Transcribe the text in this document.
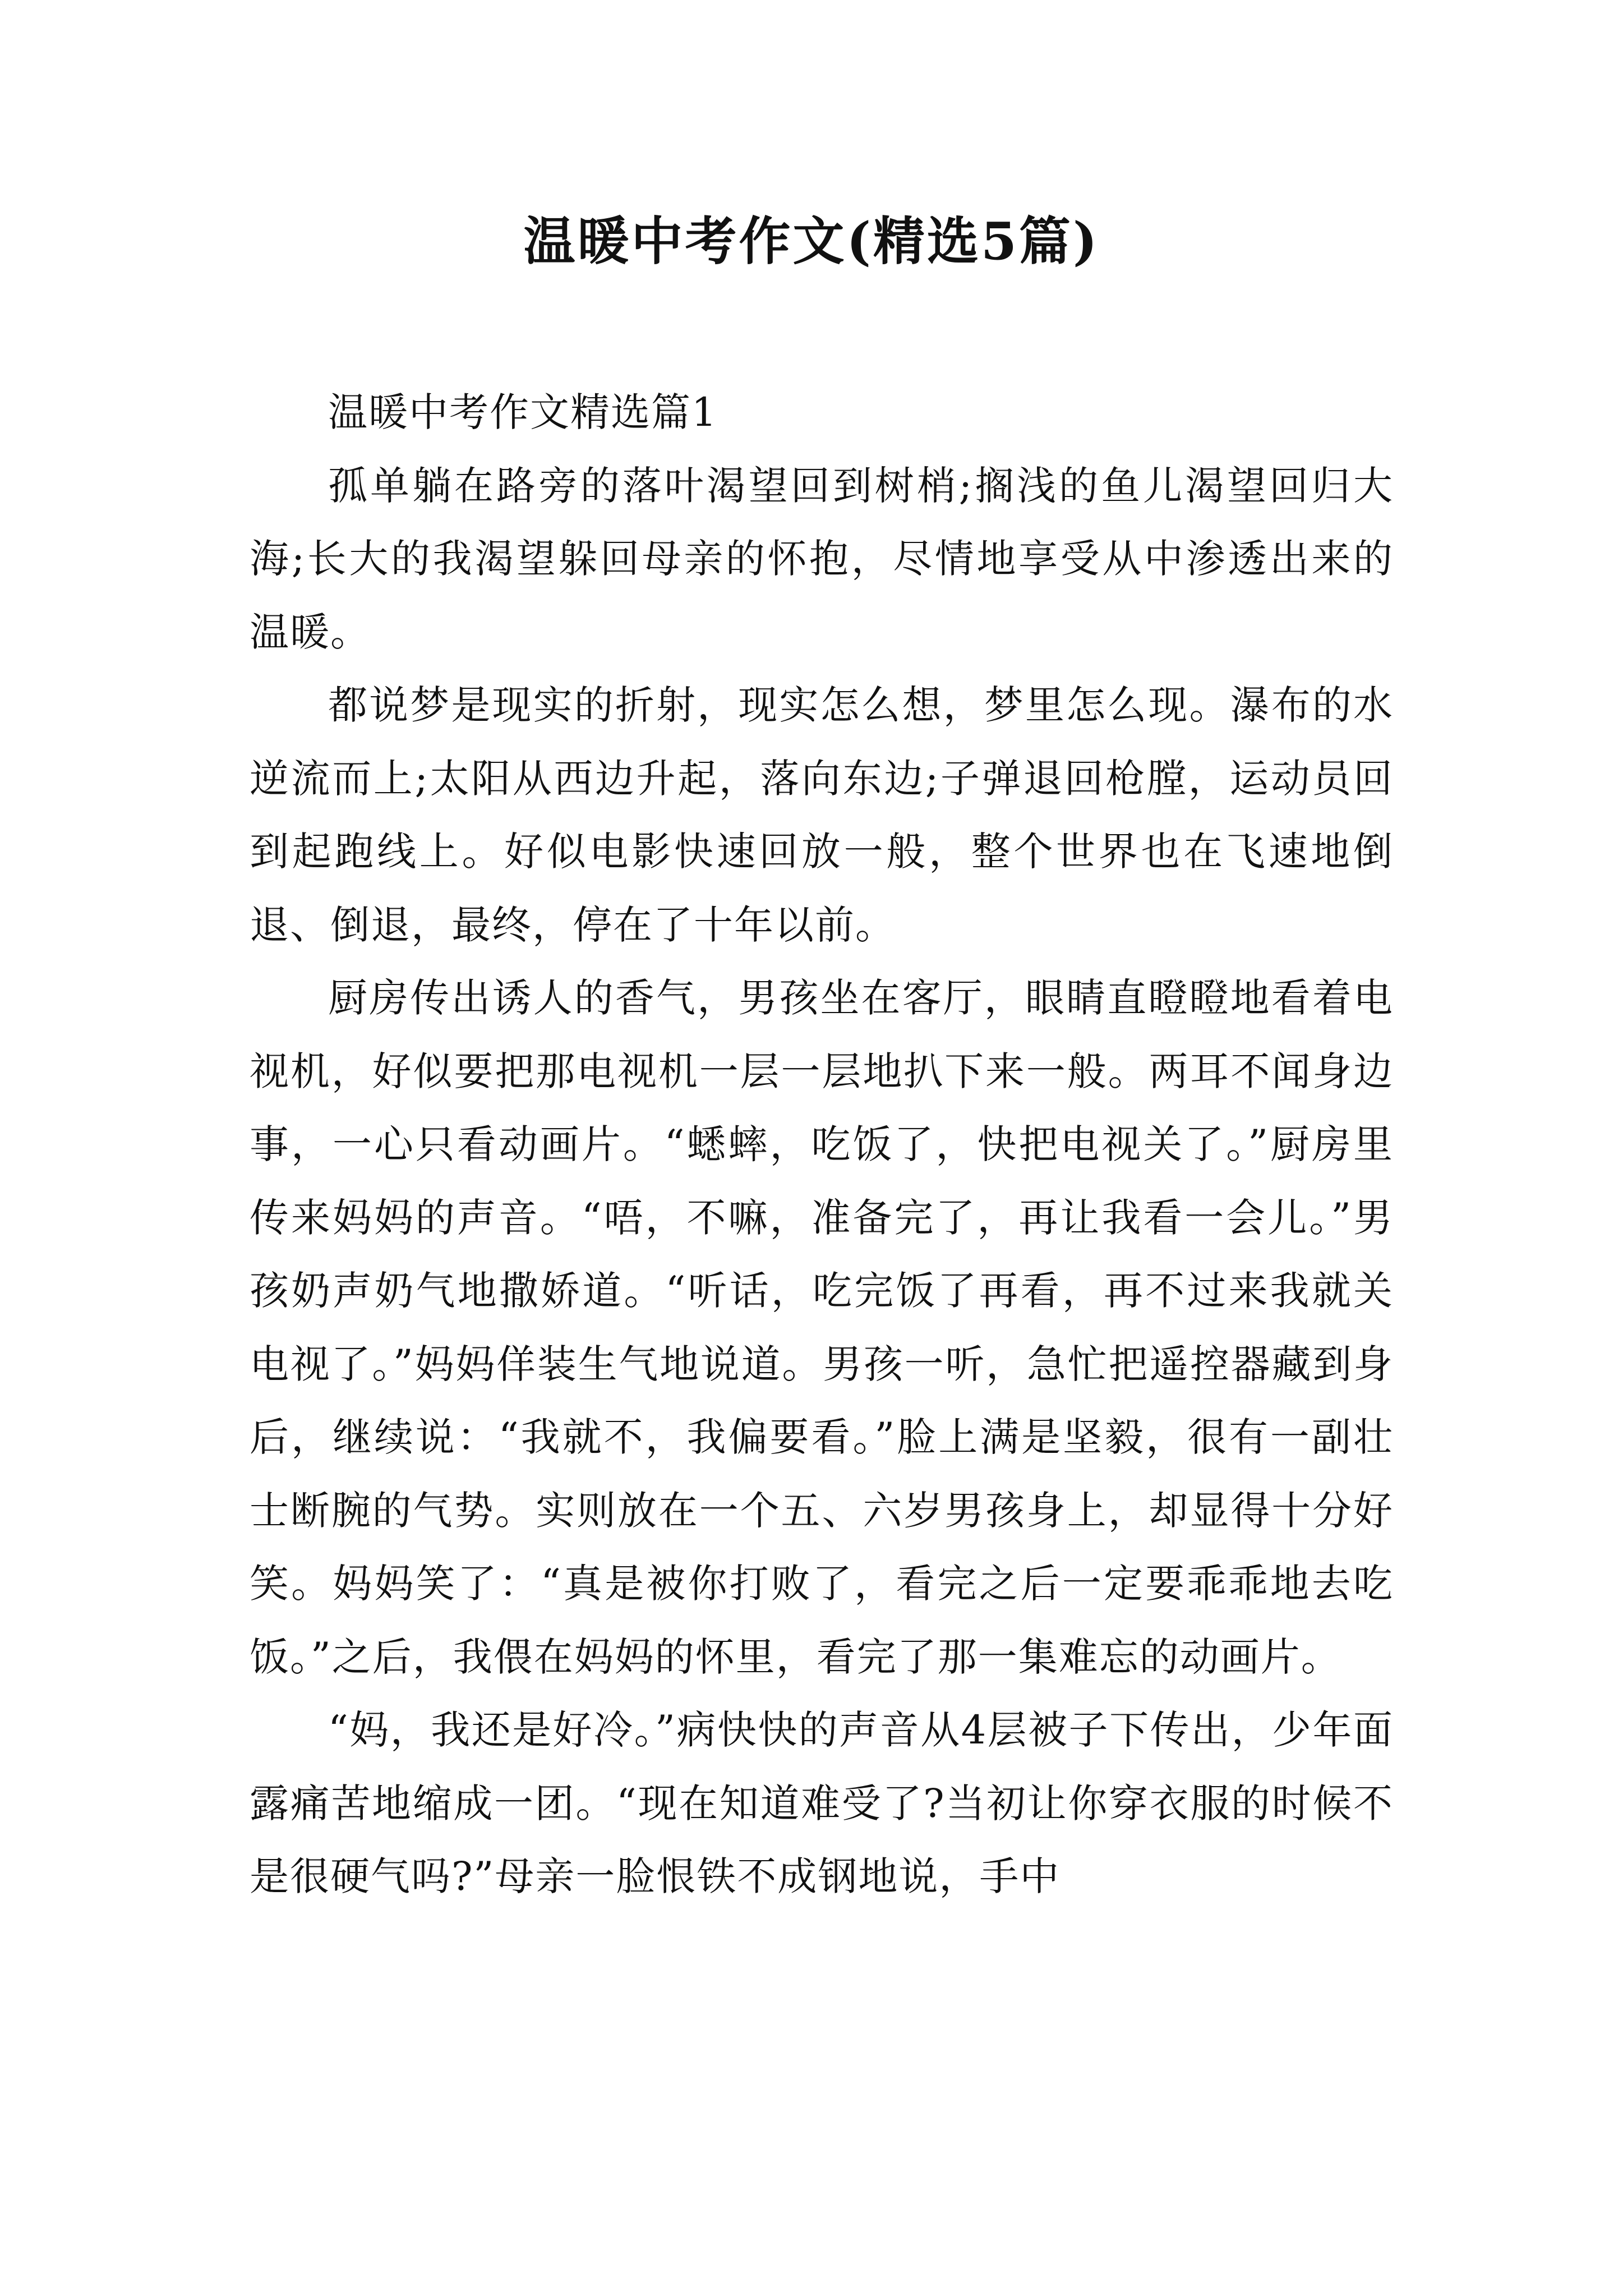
温暖中考作文(精选5篇)

温暖中考作文精选篇1

孤单躺在路旁的落叶渴望回到树梢;搁浅的鱼儿渴望回归大海;长大的我渴望躲回母亲的怀抱，尽情地享受从中渗透出来的温暖。

都说梦是现实的折射，现实怎么想，梦里怎么现。瀑布的水逆流而上;太阳从西边升起，落向东边;子弹退回枪膛，运动员回到起跑线上。好似电影快速回放一般，整个世界也在飞速地倒退、倒退，最终，停在了十年以前。

厨房传出诱人的香气，男孩坐在客厅，眼睛直瞪瞪地看着电视机，好似要把那电视机一层一层地扒下来一般。两耳不闻身边事，一心只看动画片。“蟋蟀，吃饭了，快把电视关了。”厨房里传来妈妈的声音。“唔，不嘛，准备完了，再让我看一会儿。”男孩奶声奶气地撒娇道。“听话，吃完饭了再看，再不过来我就关电视了。”妈妈佯装生气地说道。男孩一听，急忙把遥控器藏到身后，继续说：“我就不，我偏要看。”脸上满是坚毅，很有一副壮士断腕的气势。实则放在一个五、六岁男孩身上，却显得十分好笑。妈妈笑了：“真是被你打败了，看完之后一定要乖乖地去吃饭。”之后，我偎在妈妈的怀里，看完了那一集难忘的动画片。

“妈，我还是好冷。”病快快的声音从4层被子下传出，少年面露痛苦地缩成一团。“现在知道难受了?当初让你穿衣服的时候不是很硬气吗?”母亲一脸恨铁不成钢地说，手中
